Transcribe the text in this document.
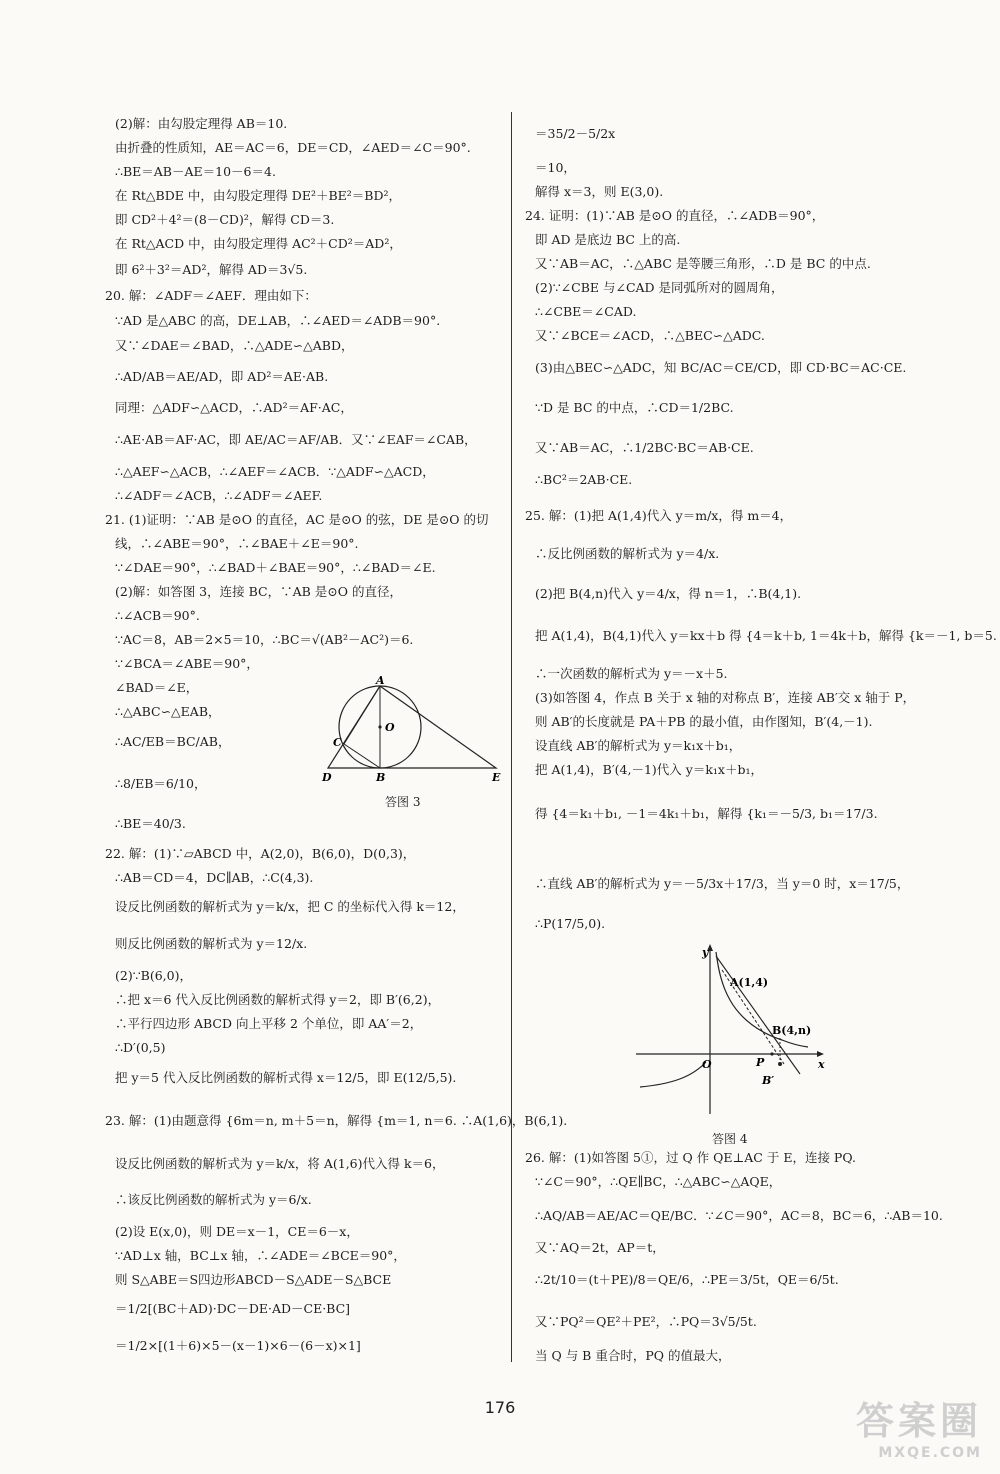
(2)解：由勾股定理得 AB＝10.
由折叠的性质知，AE＝AC＝6，DE＝CD，∠AED＝∠C＝90°.
∴BE＝AB－AE＝10－6＝4.
在 Rt△BDE 中，由勾股定理得 DE²＋BE²＝BD²，
即 CD²＋4²＝(8－CD)²，解得 CD＝3.
在 Rt△ACD 中，由勾股定理得 AC²＋CD²＝AD²，
即 6²＋3²＝AD²，解得 AD＝3√5.
20. 解：∠ADF＝∠AEF．理由如下：
∵AD 是△ABC 的高，DE⊥AB，∴∠AED＝∠ADB＝90°.
又∵∠DAE＝∠BAD，∴△ADE∽△ABD，
∴AD/AB＝AE/AD，即 AD²＝AE·AB.
同理：△ADF∽△ACD，∴AD²＝AF·AC，
∴AE·AB＝AF·AC，即 AE/AC＝AF/AB．又∵∠EAF＝∠CAB，
∴△AEF∽△ACB，∴∠AEF＝∠ACB．∵△ADF∽△ACD，
∴∠ADF＝∠ACB，∴∠ADF＝∠AEF.
21. (1)证明：∵AB 是⊙O 的直径，AC 是⊙O 的弦，DE 是⊙O 的切
线，∴∠ABE＝90°，∴∠BAE＋∠E＝90°.
∵∠DAE＝90°，∴∠BAD＋∠BAE＝90°，∴∠BAD＝∠E.
(2)解：如答图 3，连接 BC，∵AB 是⊙O 的直径，
∴∠ACB＝90°.
∵AC＝8，AB＝2×5＝10，∴BC＝√(AB²－AC²)＝6.
∵∠BCA＝∠ABE＝90°，
∠BAD＝∠E，
∴△ABC∽△EAB，
∴AC/EB＝BC/AB，
∴8/EB＝6/10，
∴BE＝40/3.
22. 解：(1)∵▱ABCD 中，A(2,0)，B(6,0)，D(0,3)，
∴AB＝CD＝4，DC∥AB，∴C(4,3).
设反比例函数的解析式为 y＝k/x，把 C 的坐标代入得 k＝12，
则反比例函数的解析式为 y＝12/x.
(2)∵B(6,0)，
∴把 x＝6 代入反比例函数的解析式得 y＝2，即 B′(6,2)，
∴平行四边形 ABCD 向上平移 2 个单位，即 AA′＝2，
∴D′(0,5)
把 y＝5 代入反比例函数的解析式得 x＝12/5，即 E(12/5,5).
23. 解：(1)由题意得 {6m＝n, m＋5＝n，解得 {m＝1, n＝6. ∴A(1,6)，B(6,1).
设反比例函数的解析式为 y＝k/x，将 A(1,6)代入得 k＝6，
∴该反比例函数的解析式为 y＝6/x.
(2)设 E(x,0)，则 DE＝x－1，CE＝6－x，
∵AD⊥x 轴，BC⊥x 轴，∴∠ADE＝∠BCE＝90°，
则 S△ABE＝S四边形ABCD－S△ADE－S△BCE
＝1/2[(BC＋AD)·DC－DE·AD－CE·BC]
＝1/2×[(1＋6)×5－(x－1)×6－(6－x)×1]
＝35/2－5/2x
＝10，
解得 x＝3，则 E(3,0).
24. 证明：(1)∵AB 是⊙O 的直径，∴∠ADB＝90°，
即 AD 是底边 BC 上的高.
又∵AB＝AC，∴△ABC 是等腰三角形，∴D 是 BC 的中点.
(2)∵∠CBE 与∠CAD 是同弧所对的圆周角，
∴∠CBE＝∠CAD.
又∵∠BCE＝∠ACD，∴△BEC∽△ADC.
(3)由△BEC∽△ADC，知 BC/AC＝CE/CD，即 CD·BC＝AC·CE.
∵D 是 BC 的中点，∴CD＝1/2BC.
又∵AB＝AC，∴1/2BC·BC＝AB·CE.
∴BC²＝2AB·CE.
25. 解：(1)把 A(1,4)代入 y＝m/x，得 m＝4，
∴反比例函数的解析式为 y＝4/x.
(2)把 B(4,n)代入 y＝4/x，得 n＝1，∴B(4,1).
把 A(1,4)，B(4,1)代入 y＝kx＋b 得 {4＝k＋b, 1＝4k＋b，解得 {k＝－1, b＝5.
∴一次函数的解析式为 y＝－x＋5.
(3)如答图 4，作点 B 关于 x 轴的对称点 B′，连接 AB′交 x 轴于 P，
则 AB′的长度就是 PA＋PB 的最小值，由作图知，B′(4,－1).
设直线 AB′的解析式为 y＝k₁x＋b₁，
把 A(1,4)，B′(4,－1)代入 y＝k₁x＋b₁，
得 {4＝k₁＋b₁, －1＝4k₁＋b₁，解得 {k₁＝－5/3, b₁＝17/3.
∴直线 AB′的解析式为 y＝－5/3x＋17/3，当 y＝0 时，x＝17/5，
∴P(17/5,0).
26. 解：(1)如答图 5①，过 Q 作 QE⊥AC 于 E，连接 PQ.
∵∠C＝90°，∴QE∥BC，∴△ABC∽△AQE，
∴AQ/AB＝AE/AC＝QE/BC．∵∠C＝90°，AC＝8，BC＝6，∴AB＝10.
又∵AQ＝2t，AP＝t，
∴2t/10＝(t＋PE)/8＝QE/6，∴PE＝3/5t，QE＝6/5t.
又∵PQ²＝QE²＋PE²，∴PQ＝3√5/5t.
当 Q 与 B 重合时，PQ 的值最大，
A
O
C
D	B	E
答图 3
y
A(1,4)
B(4,n)
O	P	x
B′
答图 4
176	答案圈
MXQE.COM
